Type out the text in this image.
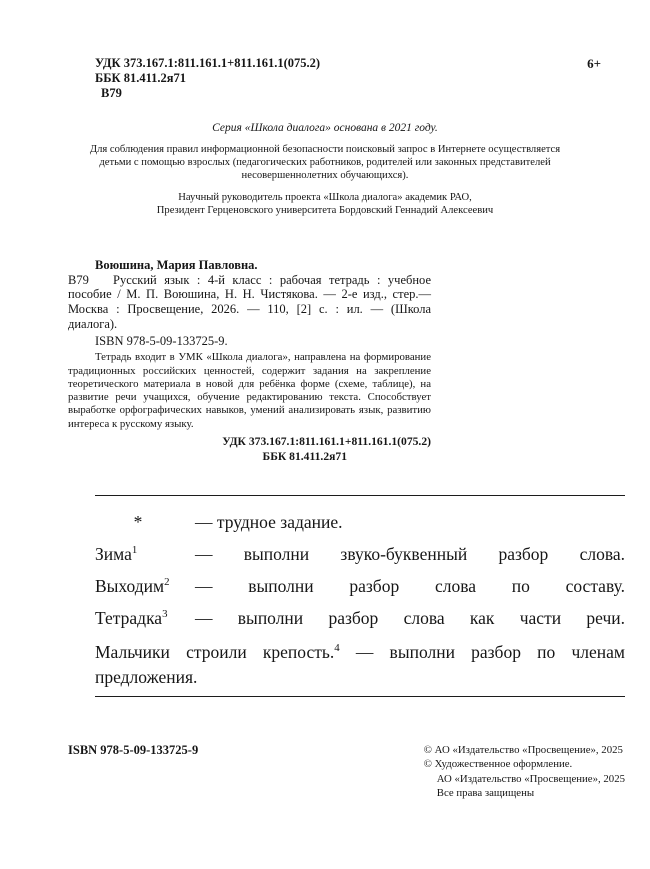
УДК 373.167.1:811.161.1+811.161.1(075.2)
ББК 81.411.2я71
В79
6+
Серия «Школа диалога» основана в 2021 году.
Для соблюдения правил информационной безопасности поисковый запрос в Интернете осуществляется детьми с помощью взрослых (педагогических работников, родителей или законных представителей несовершеннолетних обучающихся).
Научный руководитель проекта «Школа диалога» академик РАО,
Президент Герценовского университета Бордовский Геннадий Алексеевич
Воюшина, Мария Павловна.

В79 Русский язык : 4-й класс : рабочая тетрадь : учебное пособие / М. П. Воюшина, Н. Н. Чистякова. — 2-е изд., стер.— Москва : Просвещение, 2026. — 110, [2] с. : ил. — (Школа диалога).

ISBN 978-5-09-133725-9.

Тетрадь входит в УМК «Школа диалога», направлена на формирование традиционных российских ценностей, содержит задания на закрепление теоретического материала в новой для ребёнка форме (схеме, таблице), на развитие речи учащихся, обучение редактированию текста. Способствует выработке орфографических навыков, умений анализировать язык, развитию интереса к русскому языку.

УДК 373.167.1:811.161.1+811.161.1(075.2)
ББК 81.411.2я71
*	— трудное задание.
Зима$^1$	— выполни звуко-буквенный разбор слова.
Выходим$^2$	— выполни разбор слова по составу.
Тетрадка$^3$	— выполни разбор слова как части речи.

Мальчики строили крепость.$^4$ — выполни разбор по членам предложения.

ISBN 978-5-09-133725-9	© АО «Издательство «Просвещение», 2025
© Художественное оформление.
АО «Издательство «Просвещение», 2025
Все права защищены
